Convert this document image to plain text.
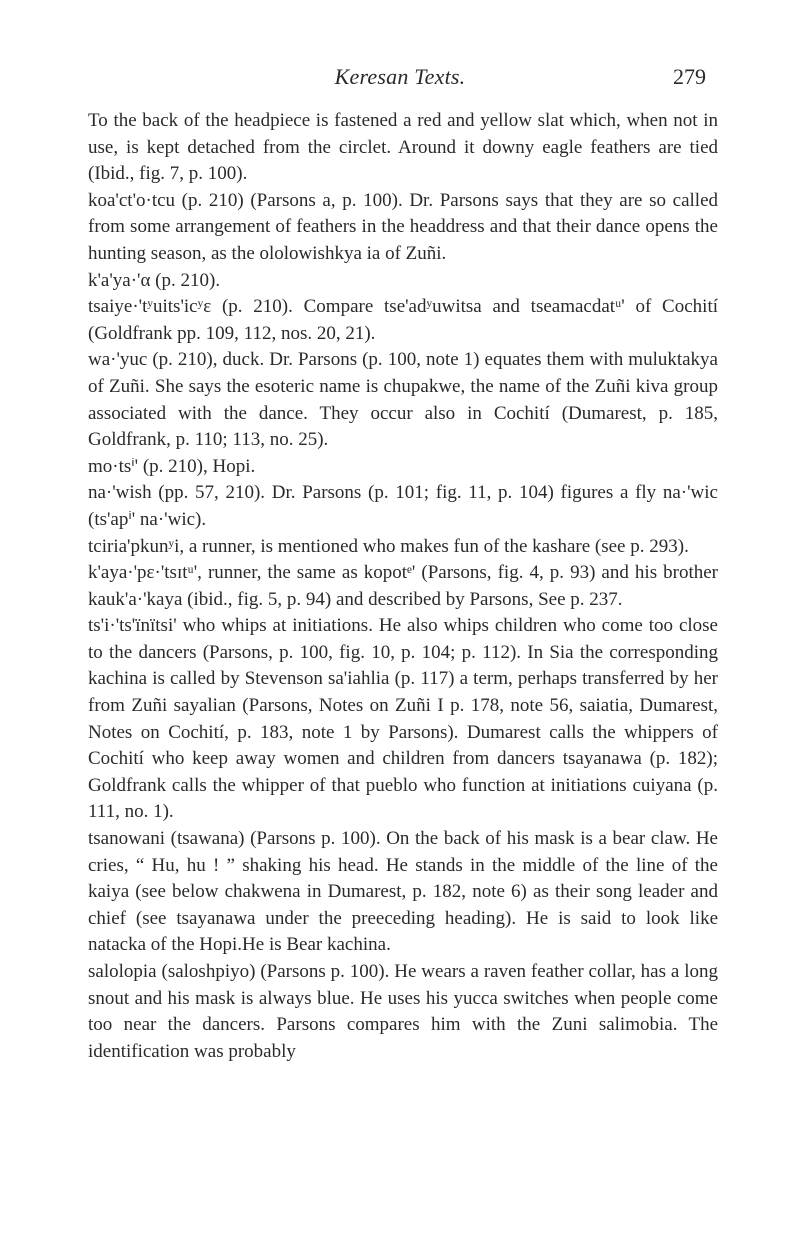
Keresan Texts.	279

To the back of the headpiece is fastened a red and yellow slat which, when not in use, is kept detached from the circlet. Around it downy eagle feathers are tied (Ibid., fig. 7, p. 100).

koa'ct'o·tcu (p. 210) (Parsons a, p. 100). Dr. Parsons says that they are so called from some arrangement of feathers in the headdress and that their dance opens the hunting season, as the ololowishkya ia of Zuñi.

k'a'ya·'α (p. 210).

tsaiye·'tʸuits'icʸε (p. 210). Compare tse'adʸuwitsa and tseamacdatᵘ' of Cochití (Goldfrank pp. 109, 112, nos. 20, 21).

wa·'yuc (p. 210), duck. Dr. Parsons (p. 100, note 1) equates them with muluktakya of Zuñi. She says the esoteric name is chupakwe, the name of the Zuñi kiva group associated with the dance. They occur also in Cochití (Dumarest, p. 185, Goldfrank, p. 110; 113, no. 25).

mo·tsⁱ' (p. 210), Hopi.

na·'wish (pp. 57, 210). Dr. Parsons (p. 101; fig. 11, p. 104) figures a fly na·'wic (ts'apⁱ' na·'wic).

tciria'pkunʸi, a runner, is mentioned who makes fun of the kashare (see p. 293).

k'aya·'pε·'tsɪtᵘ', runner, the same as kopotᵉ' (Parsons, fig. 4, p. 93) and his brother kauk'a·'kaya (ibid., fig. 5, p. 94) and described by Parsons, See p. 237.

ts'i·'ts'ïnïtsi' who whips at initiations. He also whips children who come too close to the dancers (Parsons, p. 100, fig. 10, p. 104; p. 112). In Sia the corresponding kachina is called by Stevenson sa'iahlia (p. 117) a term, perhaps transferred by her from Zuñi sayalian (Parsons, Notes on Zuñi I p. 178, note 56, saiatia, Dumarest, Notes on Cochití, p. 183, note 1 by Parsons). Dumarest calls the whippers of Cochití who keep away women and children from dancers tsayanawa (p. 182); Goldfrank calls the whipper of that pueblo who function at initiations cuiyana (p. 111, no. 1).

tsanowani (tsawana) (Parsons p. 100). On the back of his mask is a bear claw. He cries, “ Hu, hu ! ” shaking his head. He stands in the middle of the line of the kaiya (see below chakwena in Dumarest, p. 182, note 6) as their song leader and chief (see tsayanawa under the preeceding heading). He is said to look like natacka of the Hopi.He is Bear kachina.

salolopia (saloshpiyo) (Parsons p. 100). He wears a raven feather collar, has a long snout and his mask is always blue. He uses his yucca switches when people come too near the dancers. Parsons compares him with the Zuni salimobia. The identification was probably
